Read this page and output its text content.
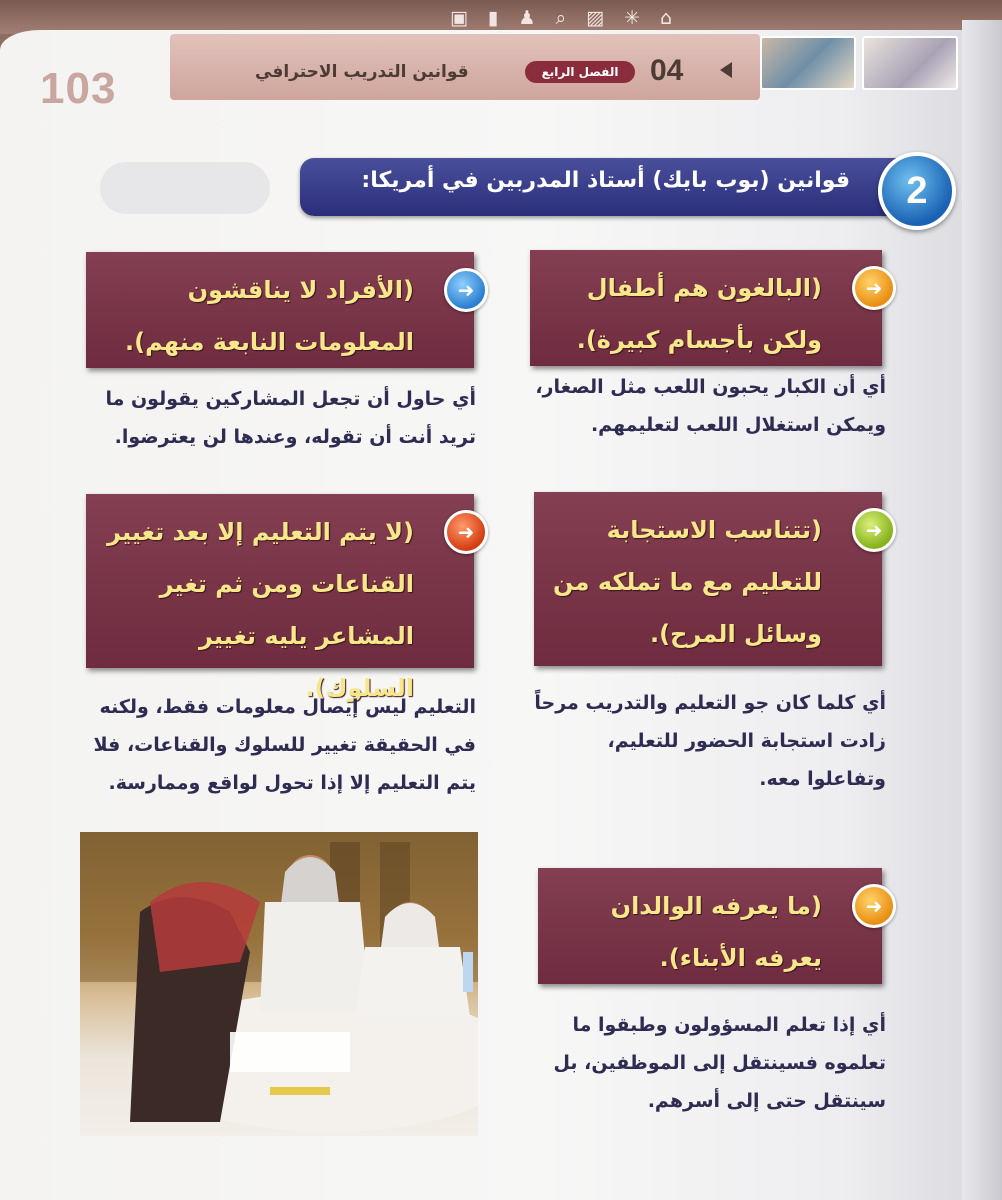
▣ ▮ ♟ ⌕ ▨ ✳ ⌂
103	قوانين التدريب الاحترافي	الفصل الرابع	04
قوانين (بوب بايك) أستاذ المدربين في أمريكا:	2
(البالغون هم أطفال ولكن بأجسام كبيرة).
➜
أي أن الكبار يحبون اللعب مثل الصغار، ويمكن استغلال اللعب لتعليمهم.
(الأفراد لا يناقشون المعلومات النابعة منهم).
➜
أي حاول أن تجعل المشاركين يقولون ما تريد أنت أن تقوله، وعندها لن يعترضوا.
(تتناسب الاستجابة للتعليم مع ما تملكه من وسائل المرح).
➜
أي كلما كان جو التعليم والتدريب مرحاً زادت استجابة الحضور للتعليم، وتفاعلوا معه.
(لا يتم التعليم إلا بعد تغيير القناعات ومن ثم تغير المشاعر يليه تغيير السلوك).
➜
التعليم ليس إيصال معلومات فقط، ولكنه في الحقيقة تغيير للسلوك والقناعات، فلا يتم التعليم إلا إذا تحول لواقع وممارسة.
(ما يعرفه الوالدان يعرفه الأبناء).
➜
أي إذا تعلم المسؤولون وطبقوا ما تعلموه فسينتقل إلى الموظفين، بل سينتقل حتى إلى أسرهم.
